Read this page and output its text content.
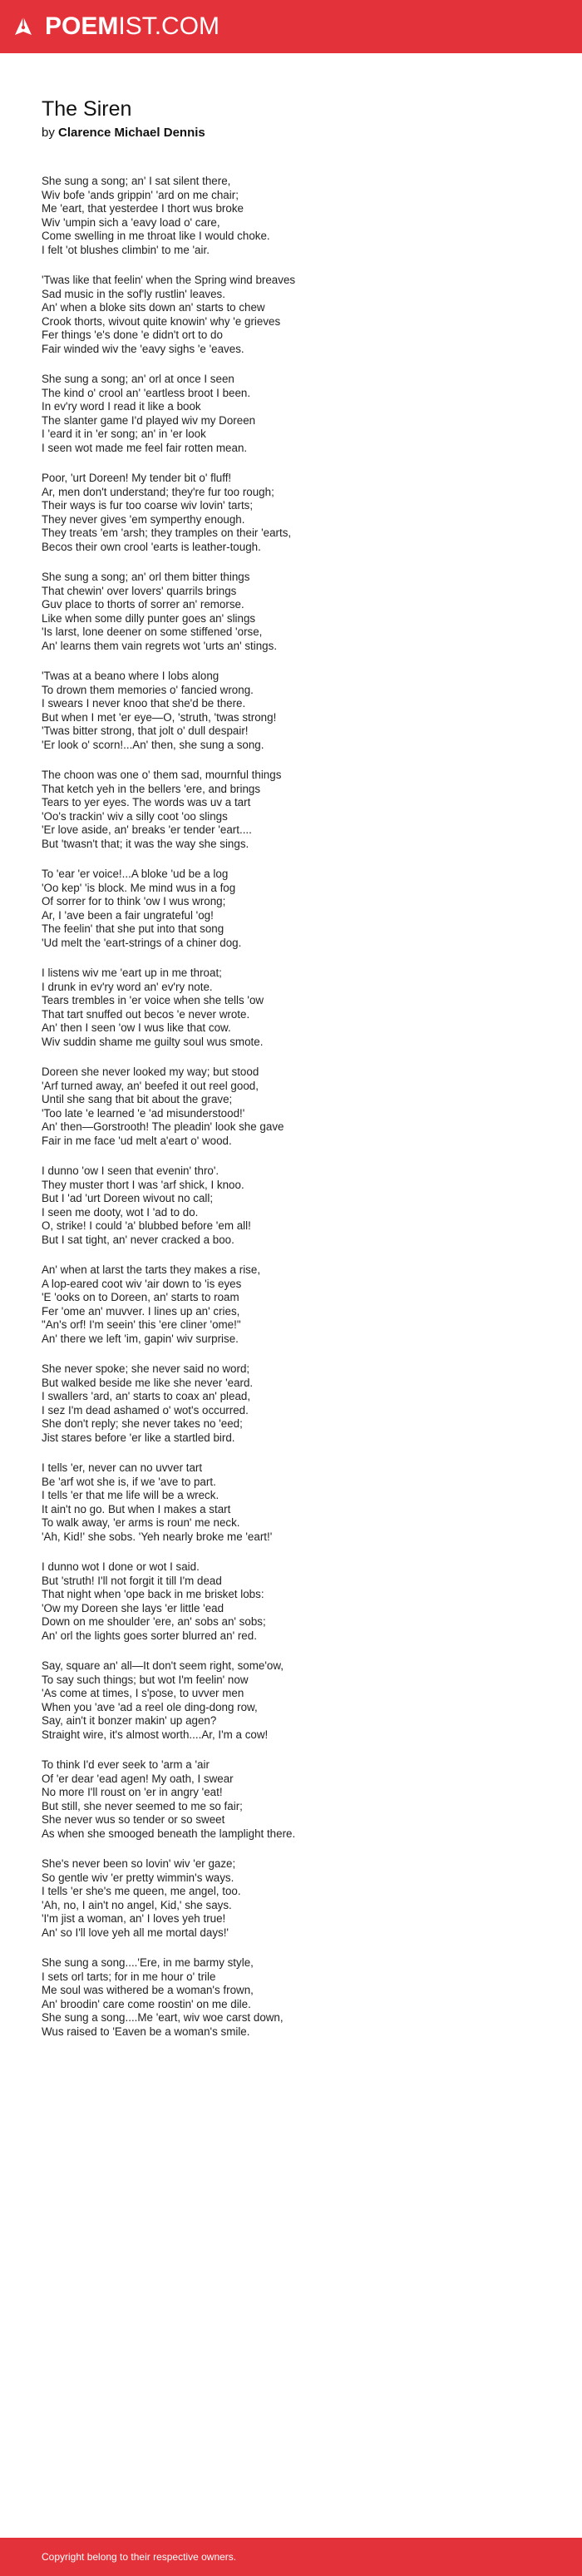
POEMIST.COM
The Siren
by Clarence Michael Dennis
She sung a song; an' I sat silent there,
Wiv bofe 'ands grippin' 'ard on me chair;
Me 'eart, that yesterdee I thort wus broke
Wiv 'umpin sich a 'eavy load o' care,
Come swelling in me throat like I would choke.
I felt 'ot blushes climbin' to me 'air.
'Twas like that feelin' when the Spring wind breaves
Sad music in the sof'ly rustlin' leaves.
An' when a bloke sits down an' starts to chew
Crook thorts, wivout quite knowin' why 'e grieves
Fer things 'e's done 'e didn't ort to do
Fair winded wiv the 'eavy sighs 'e 'eaves.
She sung a song; an' orl at once I seen
The kind o' crool an' 'eartless broot I been.
In ev'ry word I read it like a book
The slanter game I'd played wiv my Doreen
I 'eard it in 'er song; an' in 'er look
I seen wot made me feel fair rotten mean.
Poor, 'urt Doreen! My tender bit o' fluff!
Ar, men don't understand; they're fur too rough;
Their ways is fur too coarse wiv lovin' tarts;
They never gives 'em symperthy enough.
They treats 'em 'arsh; they tramples on their 'earts,
Becos their own crool 'earts is leather-tough.
She sung a song; an' orl them bitter things
That chewin' over lovers' quarrils brings
Guv place to thorts of sorrer an' remorse.
Like when some dilly punter goes an' slings
'Is larst, lone deener on some stiffened 'orse,
An' learns them vain regrets wot 'urts an' stings.
'Twas at a beano where I lobs along
To drown them memories o' fancied wrong.
I swears I never knoo that she'd be there.
But when I met 'er eye—O, 'struth, 'twas strong!
'Twas bitter strong, that jolt o' dull despair!
'Er look o' scorn!...An' then, she sung a song.
The choon was one o' them sad, mournful things
That ketch yeh in the bellers 'ere, and brings
Tears to yer eyes. The words was uv a tart
'Oo's trackin' wiv a silly coot 'oo slings
'Er love aside, an' breaks 'er tender 'eart....
But 'twasn't that; it was the way she sings.
To 'ear 'er voice!...A bloke 'ud be a log
'Oo kep' 'is block. Me mind wus in a fog
Of sorrer for to think 'ow I wus wrong;
Ar, I 'ave been a fair ungrateful 'og!
The feelin' that she put into that song
'Ud melt the 'eart-strings of a chiner dog.
I listens wiv me 'eart up in me throat;
I drunk in ev'ry word an' ev'ry note.
Tears trembles in 'er voice when she tells 'ow
That tart snuffed out becos 'e never wrote.
An' then I seen 'ow I wus like that cow.
Wiv suddin shame me guilty soul wus smote.
Doreen she never looked my way; but stood
'Arf turned away, an' beefed it out reel good,
Until she sang that bit about the grave;
'Too late 'e learned 'e 'ad misunderstood!'
An' then—Gorstrooth! The pleadin' look she gave
Fair in me face 'ud melt a'eart o' wood.
I dunno 'ow I seen that evenin' thro'.
They muster thort I was 'arf shick, I knoo.
But I 'ad 'urt Doreen wivout no call;
I seen me dooty, wot I 'ad to do.
O, strike! I could 'a' blubbed before 'em all!
But I sat tight, an' never cracked a boo.
An' when at larst the tarts they makes a rise,
A lop-eared coot wiv 'air down to 'is eyes
'E 'ooks on to Doreen, an' starts to roam
Fer 'ome an' muvver. I lines up an' cries,
"An's orf! I'm seein' this 'ere cliner 'ome!"
An' there we left 'im, gapin' wiv surprise.
She never spoke; she never said no word;
But walked beside me like she never 'eard.
I swallers 'ard, an' starts to coax an' plead,
I sez I'm dead ashamed o' wot's occurred.
She don't reply; she never takes no 'eed;
Jist stares before 'er like a startled bird.
I tells 'er, never can no uvver tart
Be 'arf wot she is, if we 'ave to part.
I tells 'er that me life will be a wreck.
It ain't no go. But when I makes a start
To walk away, 'er arms is roun' me neck.
'Ah, Kid!' she sobs. 'Yeh nearly broke me 'eart!'
I dunno wot I done or wot I said.
But 'struth! I'll not forgit it till I'm dead
That night when 'ope back in me brisket lobs:
'Ow my Doreen she lays 'er little 'ead
Down on me shoulder 'ere, an' sobs an' sobs;
An' orl the lights goes sorter blurred an' red.
Say, square an' all—It don't seem right, some'ow,
To say such things; but wot I'm feelin' now
'As come at times, I s'pose, to uvver men
When you 'ave 'ad a reel ole ding-dong row,
Say, ain't it bonzer makin' up agen?
Straight wire, it's almost worth....Ar, I'm a cow!
To think I'd ever seek to 'arm a 'air
Of 'er dear 'ead agen! My oath, I swear
No more I'll roust on 'er in angry 'eat!
But still, she never seemed to me so fair;
She never wus so tender or so sweet
As when she smooged beneath the lamplight there.
She's never been so lovin' wiv 'er gaze;
So gentle wiv 'er pretty wimmin's ways.
I tells 'er she's me queen, me angel, too.
'Ah, no, I ain't no angel, Kid,' she says.
'I'm jist a woman, an' I loves yeh true!
An' so I'll love yeh all me mortal days!'
She sung a song....'Ere, in me barmy style,
I sets orl tarts; for in me hour o' trile
Me soul was withered be a woman's frown,
An' broodin' care come roostin' on me dile.
She sung a song....Me 'eart, wiv woe carst down,
Wus raised to 'Eaven be a woman's smile.
Copyright belong to their respective owners.
